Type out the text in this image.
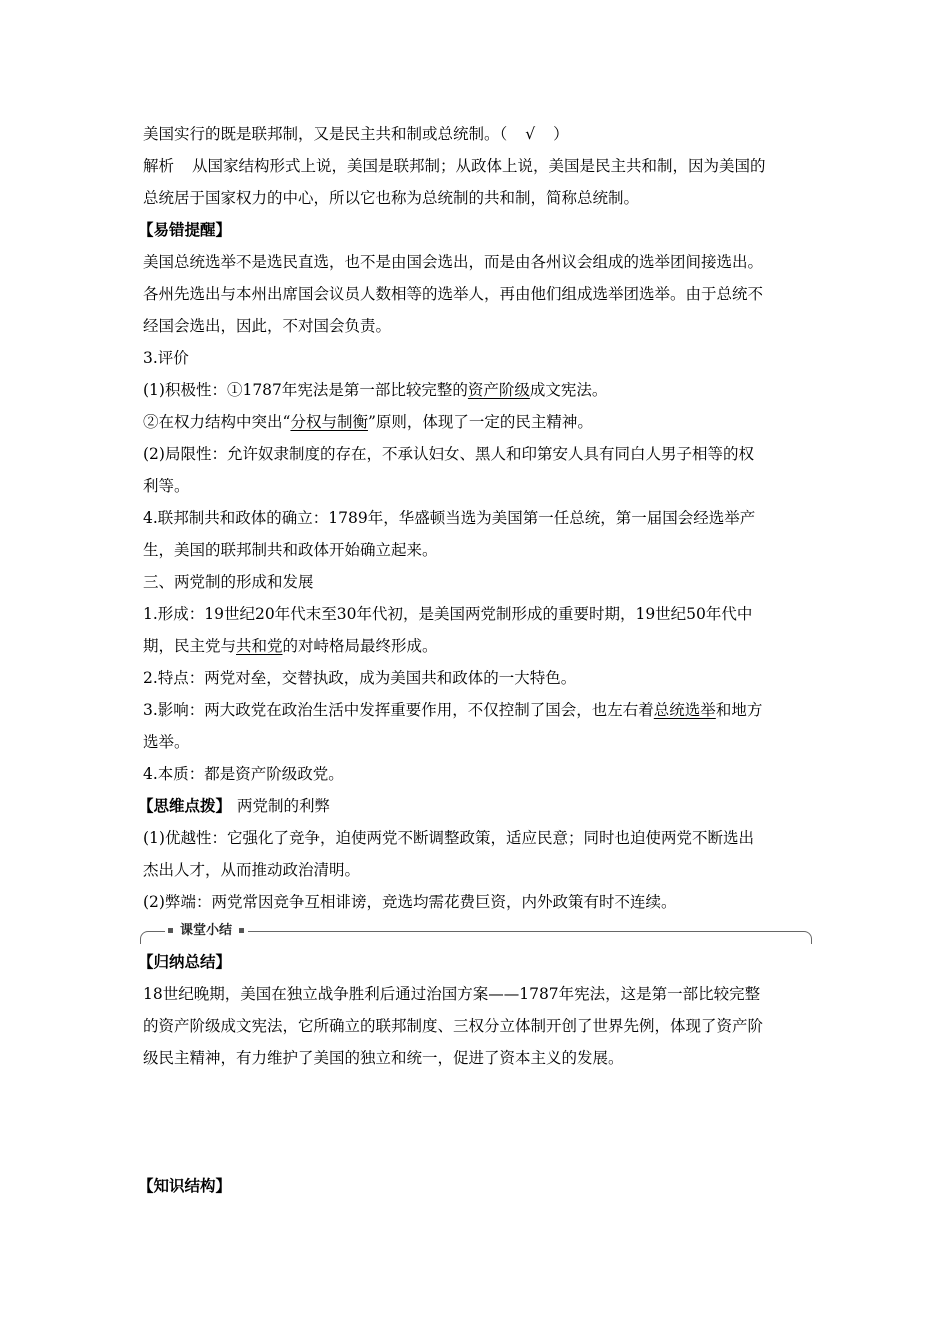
美国实行的既是联邦制，又是民主共和制或总统制。（ √ ）

解析 从国家结构形式上说，美国是联邦制；从政体上说，美国是民主共和制，因为美国的

总统居于国家权力的中心，所以它也称为总统制的共和制，简称总统制。

【易错提醒】

美国总统选举不是选民直选，也不是由国会选出，而是由各州议会组成的选举团间接选出。

各州先选出与本州出席国会议员人数相等的选举人，再由他们组成选举团选举。由于总统不

经国会选出，因此，不对国会负责。

3.评价

(1)积极性：①1787年宪法是第一部比较完整的资产阶级成文宪法。

②在权力结构中突出“分权与制衡”原则，体现了一定的民主精神。

(2)局限性：允许奴隶制度的存在，不承认妇女、黑人和印第安人具有同白人男子相等的权

利等。

4.联邦制共和政体的确立：1789年，华盛顿当选为美国第一任总统，第一届国会经选举产

生，美国的联邦制共和政体开始确立起来。

三、两党制的形成和发展

1.形成：19世纪20年代末至30年代初，是美国两党制形成的重要时期，19世纪50年代中

期，民主党与共和党的对峙格局最终形成。

2.特点：两党对垒，交替执政，成为美国共和政体的一大特色。

3.影响：两大政党在政治生活中发挥重要作用，不仅控制了国会，也左右着总统选举和地方

选举。

4.本质：都是资产阶级政党。

【思维点拨】 两党制的利弊

(1)优越性：它强化了竞争，迫使两党不断调整政策，适应民意；同时也迫使两党不断选出

杰出人才，从而推动政治清明。

(2)弊端：两党常因竞争互相诽谤，竞选均需花费巨资，内外政策有时不连续。

课堂小结

【归纳总结】

18世纪晚期，美国在独立战争胜利后通过治国方案——1787年宪法，这是第一部比较完整

的资产阶级成文宪法，它所确立的联邦制度、三权分立体制开创了世界先例，体现了资产阶

级民主精神，有力维护了美国的独立和统一，促进了资本主义的发展。

【知识结构】
